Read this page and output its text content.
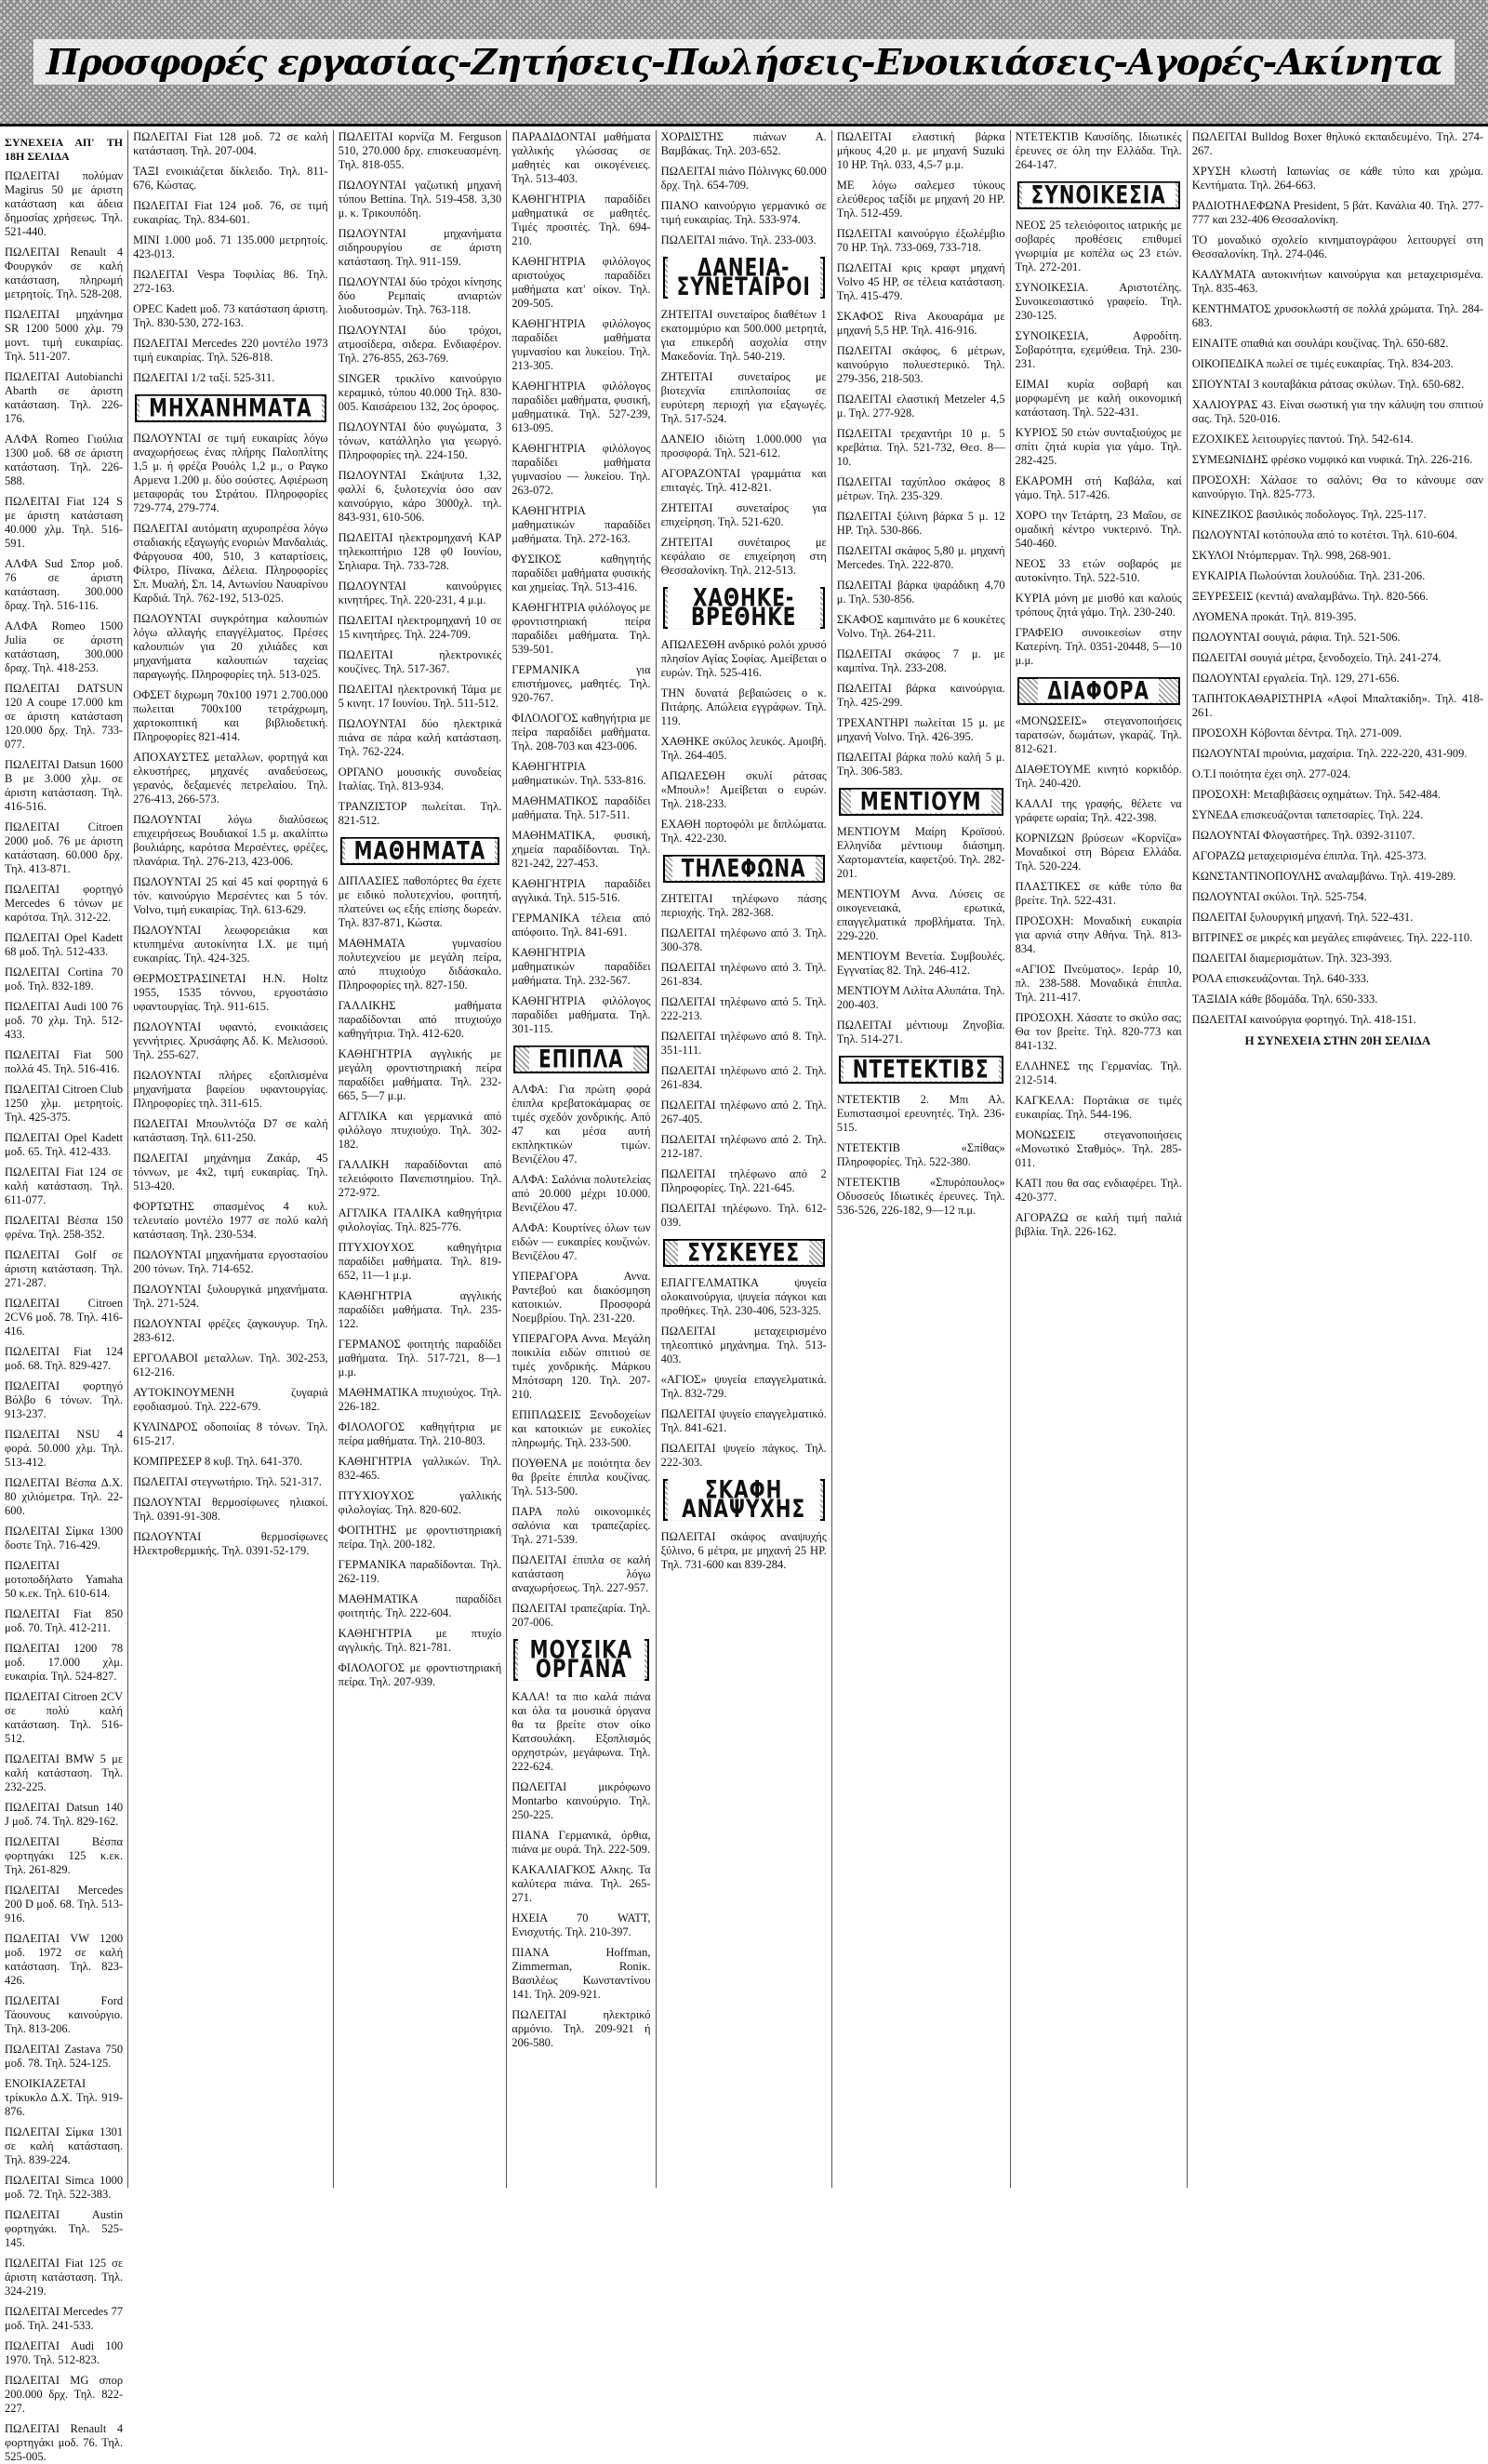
Προσφορές εργασίας-Ζητήσεις-Πωλήσεις-Ενοικιάσεις-Αγορές-Ακίνητα
ΣΥΝΕΧΕΙΑ ΑΠ' ΤΗ 18Η ΣΕΛΙΔΑ

ΠΩΛΕΙΤΑΙ πολύμαν Magirus 50 με άριστη κατάσταση και άδεια δημοσίας χρήσεως. Τηλ. 521-440.

ΠΩΛΕΙΤΑΙ Renault 4 Φουργκόν σε καλή κατάσταση, πληρωμή μετρητοίς. Τηλ. 528-208.

ΠΩΛΕΙΤΑΙ μηχάνημα SR 1200 5000 χλμ. 79 μοντ. τιμή ευκαιρίας. Τηλ. 511-207.

ΠΩΛΕΙΤΑΙ Autobianchi Abarth σε άριστη κατάσταση. Τηλ. 226-176.

ΑΛΦΑ Romeo Γιούλια 1300 μοδ. 68 σε άριστη κατάσταση. Τηλ. 226-588.

ΠΩΛΕΙΤΑΙ Fiat 124 S με άριστη κατάσταση 40.000 χλμ. Τηλ. 516-591.

ΑΛΦΑ Sud Σπορ μοδ. 76 σε άριστη κατάσταση. 300.000 δραχ. Τηλ. 516-116.

ΑΛΦΑ Romeo 1500 Julia σε άριστη κατάσταση, 300.000 δραχ. Τηλ. 418-253.

ΠΩΛΕΙΤΑΙ DATSUN 120 A coupe 17.000 km σε άριστη κατάσταση 120.000 δρχ. Τηλ. 733-077.

ΠΩΛΕΙΤΑΙ Datsun 1600 B με 3.000 χλμ. σε άριστη κατάσταση. Τηλ. 416-516.

ΠΩΛΕΙΤΑΙ Citroen 2000 μοδ. 76 με άριστη κατάσταση. 60.000 δρχ. Τηλ. 413-871.

ΠΩΛΕΙΤΑΙ φορτηγό Mercedes 6 τόνων με καρότσα. Τηλ. 312-22.

ΠΩΛΕΙΤΑΙ Opel Kadett 68 μοδ. Τηλ. 512-433.

ΠΩΛΕΙΤΑΙ Cortina 70 μοδ. Τηλ. 832-189.

ΠΩΛΕΙΤΑΙ Audi 100 76 μοδ. 70 χλμ. Τηλ. 512-433.

ΠΩΛΕΙΤΑΙ Fiat 500 πολλά 45. Τηλ. 516-416.

ΠΩΛΕΙΤΑΙ Citroen Club 1250 χλμ. μετρητοίς. Τηλ. 425-375.

ΠΩΛΕΙΤΑΙ Opel Kadett μοδ. 65. Τηλ. 412-433.

ΠΩΛΕΙΤΑΙ Fiat 124 σε καλή κατάσταση. Τηλ. 611-077.

ΠΩΛΕΙΤΑΙ Βέσπα 150 φρένα. Τηλ. 258-352.

ΠΩΛΕΙΤΑΙ Golf σε άριστη κατάσταση. Τηλ. 271-287.

ΠΩΛΕΙΤΑΙ Citroen 2CV6 μοδ. 78. Τηλ. 416-416.

ΠΩΛΕΙΤΑΙ Fiat 124 μοδ. 68. Τηλ. 829-427.

ΠΩΛΕΙΤΑΙ φορτηγό Βόλβο 6 τόνων. Τηλ. 913-237.

ΠΩΛΕΙΤΑΙ NSU 4 φορά. 50.000 χλμ. Τηλ. 513-412.

ΠΩΛΕΙΤΑΙ Βέσπα Δ.Χ. 80 χιλιόμετρα. Τηλ. 22-600.

ΠΩΛΕΙΤΑΙ Σίμκα 1300 δοστε Τηλ. 716-429.

ΠΩΛΕΙΤΑΙ μοτοποδήλατο Yamaha 50 κ.εκ. Τηλ. 610-614.

ΠΩΛΕΙΤΑΙ Fiat 850 μοδ. 70. Τηλ. 412-211.

ΠΩΛΕΙΤΑΙ 1200 78 μοδ. 17.000 χλμ. ευκαιρία. Τηλ. 524-827.

ΠΩΛΕΙΤΑΙ Citroen 2CV σε πολύ καλή κατάσταση. Τηλ. 516-512.

ΠΩΛΕΙΤΑΙ BMW 5 με καλή κατάσταση. Τηλ. 232-225.

ΠΩΛΕΙΤΑΙ Datsun 140 J μοδ. 74. Τηλ. 829-162.

ΠΩΛΕΙΤΑΙ Βέσπα φορτηγάκι 125 κ.εκ. Τηλ. 261-829.

ΠΩΛΕΙΤΑΙ Mercedes 200 D μοδ. 68. Τηλ. 513-916.

ΠΩΛΕΙΤΑΙ VW 1200 μοδ. 1972 σε καλή κατάσταση. Τηλ. 823-426.

ΠΩΛΕΙΤΑΙ Ford Τάουνους καινούργιο. Τηλ. 813-206.

ΠΩΛΕΙΤΑΙ Zastava 750 μοδ. 78. Τηλ. 524-125.

ΕΝΟΙΚΙΑΖΕΤΑΙ τρίκυκλο Δ.Χ. Τηλ. 919-876.

ΠΩΛΕΙΤΑΙ Σίμκα 1301 σε καλή κατάσταση. Τηλ. 839-224.

ΠΩΛΕΙΤΑΙ Simca 1000 μοδ. 72. Τηλ. 522-383.

ΠΩΛΕΙΤΑΙ Austin φορτηγάκι. Τηλ. 525-145.

ΠΩΛΕΙΤΑΙ Fiat 125 σε άριστη κατάσταση. Τηλ. 324-219.

ΠΩΛΕΙΤΑΙ Mercedes 77 μοδ. Τηλ. 241-533.

ΠΩΛΕΙΤΑΙ Audi 100 1970. Τηλ. 512-823.

ΠΩΛΕΙΤΑΙ MG σπορ 200.000 δρχ. Τηλ. 822-227.

ΠΩΛΕΙΤΑΙ Renault 4 φορτηγάκι μοδ. 76. Τηλ. 525-005.

ΠΩΛΕΙΤΑΙ Fiat 128 μοδ. 72 σε καλή κατάσταση. Τηλ. 207-004.

ΤΑΞΙ ενοικιάζεται δίκλειδο. Τηλ. 811-676, Κώστας.

ΠΩΛΕΙΤΑΙ Fiat 124 μοδ. 76, σε τιμή ευκαιρίας. Τηλ. 834-601.

MINI 1.000 μοδ. 71 135.000 μετρητοίς. 423-013.

ΠΩΛΕΙΤΑΙ Vespa Τοφιλίας 86. Τηλ. 272-163.

OPEC Kadett μοδ. 73 κατάσταση άριστη. Τηλ. 830-530, 272-163.

ΠΩΛΕΙΤΑΙ Mercedes 220 μοντέλο 1973 τιμή ευκαιρίας. Τηλ. 526-818.

ΠΩΛΕΙΤΑΙ 1/2 ταξί. 525-311.

ΜΗΧΑΝΗΜΑΤΑ

ΠΩΛΟΥΝΤΑΙ σε τιμή ευκαιρίας λόγω αναχωρήσεως ένας πλήρης Παλοπλίτης 1,5 μ. ή φρέζα Ρουόλς 1,2 μ., ο Ραγκο Αρμενα 1.200 μ. δύο σούστες. Αφιέρωση μεταφοράς του Στράτου. Πληροφορίες 729-774, 279-774.

ΠΩΛΕΙΤΑΙ αυτόματη αχυροπρέσα λόγω σταδιακής εξαγωγής ενοριών Μανδαλιάς. Φάργουσα 400, 510, 3 καταρτίσεις, Φίλτρο, Πίνακα, Δέλεια. Πληροφορίες Σπ. Μυαλή, Σπ. 14, Αντωνίου Ναυαρίνου Καρδιά. Τηλ. 762-192, 513-025.

ΠΩΛΟΥΝΤΑΙ συγκρότημα καλουπιών λόγω αλλαγής επαγγέλματος. Πρέσες καλουπιών για 20 χιλιάδες και μηχανήματα καλουπιών ταχείας παραγωγής. Πληροφορίες τηλ. 513-025.

ΟΦΣΕΤ διχρωμη 70x100 1971 2.700.000 πωλειται 700x100 τετράχρωμη, χαρτοκοπτική και βιβλιοδετική. Πληροφορίες 821-414.

ΑΠΟΧΑΥΣΤΕΣ μεταλλων, φορτηγά και ελκυστήρες, μηχανές αναδεύσεως, γερανός, δεξαμενές πετρελαίου. Τηλ. 276-413, 266-573.

ΠΩΛΟΥΝΤΑΙ λόγω διαλύσεως επιχειρήσεως Βουδιακοί 1.5 μ. ακαλίπτω βουλιάρης, καρότσα Μερσέντες, φρέζες, πλανάρια. Τηλ. 276-213, 423-006.

ΠΩΛΟΥΝΤΑΙ 25 καί 45 καί φορτηγά 6 τόν. καινούργιο Μερσέντες και 5 τόν. Volvo, τιμή ευκαιρίας. Τηλ. 613-629.

ΠΩΛΟΥΝΤΑΙ λεωφορειάκια και κτυπημένα αυτοκίνητα Ι.Χ. με τιμή ευκαιρίας. Τηλ. 424-325.

ΘΕΡΜΟΣΤΡΑΣΙΝΕΤΑΙ Η.Ν. Ηoltz 1955, 1535 τόννου, εργοστάσιο υφαντουργίας. Τηλ. 911-615.

ΠΩΛΟΥΝΤΑΙ υφαντό, ενοικιάσεις γεννήτριες. Χρυσάφης Αδ. Κ. Μελισσού. Τηλ. 255-627.

ΠΩΛΟΥΝΤΑΙ πλήρες εξοπλισμένα μηχανήματα βαφείου υφαντουργίας. Πληροφορίες τηλ. 311-615.

ΠΩΛΕΙΤΑΙ Μπουλντόζα D7 σε καλή κατάσταση. Τηλ. 611-250.

ΠΩΛΕΙΤΑΙ μηχάνημα Ζακάρ, 45 τόννων, με 4x2, τιμή ευκαιρίας. Τηλ. 513-420.

ΦΟΡΤΩΤΗΣ σπασμένος 4 κυλ. τελευταίο μοντέλο 1977 σε πολύ καλή κατάσταση. Τηλ. 230-534.

ΠΩΛΟΥΝΤΑΙ μηχανήματα εργοστασίου 200 τόνων. Τηλ. 714-652.

ΠΩΛΟΥΝΤΑΙ ξυλουργικά μηχανήματα. Τηλ. 271-524.

ΠΩΛΟΥΝΤΑΙ φρέζες ζαγκουγυρ. Τηλ. 283-612.

ΕΡΓΟΛΑΒΟΙ μεταλλων. Τηλ. 302-253, 612-216.

ΑΥΤΟΚΙΝΟΥΜΕΝΗ ζυγαριά εφοδιασμού. Τηλ. 222-679.

ΚΥΛΙΝΔΡΟΣ οδοποιίας 8 τόνων. Τηλ. 615-217.

ΚΟΜΠΡΕΣΕΡ 8 κυβ. Τηλ. 641-370.

ΠΩΛΕΙΤΑΙ στεγνωτήριο. Τηλ. 521-317.

ΠΩΛΟΥΝΤΑΙ θερμοσίφωνες ηλιακοί. Τηλ. 0391-91-308.

ΠΩΛΟΥΝΤΑΙ θερμοσίφωνες Ηλεκτροθερμικής. Τηλ. 0391-52-179.

ΠΩΛΕΙΤΑΙ κορνίζα Μ. Ferguson 510, 270.000 δρχ. επισκευασμένη. Τηλ. 818-055.

ΠΩΛΟΥΝΤΑΙ γαζωτική μηχανή τύπου Bettina. Τηλ. 519-458. 3,30 μ. κ. Τρικουπόδη.

ΠΩΛΟΥΝΤΑΙ μηχανήματα σιδηρουργίου σε άριστη κατάσταση. Τηλ. 911-159.

ΠΩΛΟΥΝΤΑΙ δύο τρόχοι κίνησης δύο Ρεμπαίς ανιαρτών λιοδυτοσμών. Τηλ. 763-118.

ΠΩΛΟΥΝΤΑΙ δύο τρόχοι, ατμοσίδερα, σιδερα. Ενδιαφέρον. Τηλ. 276-855, 263-769.

SINGER τρικλίνο καινούργιο κεραμικό, τύπου 40.000 Τηλ. 830-005. Καισάρειου 132, 2ος όροφος.

ΠΩΛΟΥΝΤΑΙ δύο φυγώματα, 3 τόνων, κατάλληλο για γεωργό. Πληροφορίες τηλ. 224-150.

ΠΩΛΟΥΝΤΑΙ Σκάψυτα 1,32, φαλλί 6, ξυλοτεχνία όσο σαν καινούργιο, κάρο 3000χλ. τηλ. 843-931, 610-506.

ΠΩΛΕΙΤΑΙ ηλεκτρομηχανή KAP τηλεκοπτήριο 128 φ0 Ιουνίου, Σηλιαρα. Τηλ. 733-728.

ΠΩΛΟΥΝΤΑΙ καινούργιες κινητήρες. Τηλ. 220-231, 4 μ.μ.

ΠΩΛΕΙΤΑΙ ηλεκτρομηχανή 10 σε 15 κινητήρες. Τηλ. 224-709.

ΠΩΛΕΙΤΑΙ ηλεκτρονικές κουζίνες. Τηλ. 517-367.

ΠΩΛΕΙΤΑΙ ηλεκτρονική Τάμα με 5 κινητ. 17 Ιουνίου. Τηλ. 511-512.

ΠΩΛΟΥΝΤΑΙ δύο ηλεκτρικά πιάνα σε πάρα καλή κατάσταση. Τηλ. 762-224.

ΟΡΓΑΝΟ μουσικής συνοδείας Ιταλίας. Τηλ. 813-934.

ΤΡΑΝΖΙΣΤΟΡ πωλείται. Τηλ. 821-512.

ΜΑΘΗΜΑΤΑ

ΔΙΠΛΑΣΙΕΣ παθοπόρτες θα έχετε με ειδικό πολυτεχνίου, φοιτητή, πλατεύνει ως εξής επίσης δωρεάν. Τηλ. 837-871, Κώστα.

ΜΑΘΗΜΑΤΑ γυμνασίου πολυτεχνείου με μεγάλη πείρα, από πτυχιούχο διδάσκαλο. Πληροφορίες τηλ. 827-150.

ΓΑΛΛΙΚΗΣ μαθήματα παραδίδονται από πτυχιούχο καθηγήτρια. Τηλ. 412-620.

ΚΑΘΗΓΗΤΡΙΑ αγγλικής με μεγάλη φροντιστηριακή πείρα παραδίδει μαθήματα. Τηλ. 232-665, 5—7 μ.μ.

ΑΓΓΛΙΚΑ και γερμανικά από φιλόλογο πτυχιούχο. Τηλ. 302-182.

ΓΑΛΛΙΚΗ παραδίδονται από τελειόφοιτο Πανεπιστημίου. Τηλ. 272-972.

ΑΓΓΛΙΚΑ ΙΤΑΛΙΚΑ καθηγήτρια φιλολογίας. Τηλ. 825-776.

ΠΤΥΧΙΟΥΧΟΣ καθηγήτρια παραδίδει μαθήματα. Τηλ. 819-652, 11—1 μ.μ.

ΚΑΘΗΓΗΤΡΙΑ αγγλικής παραδίδει μαθήματα. Τηλ. 235-122.

ΓΕΡΜΑΝΟΣ φοιτητής παραδίδει μαθήματα. Τηλ. 517-721, 8—1 μ.μ.

ΜΑΘΗΜΑΤΙΚΑ πτυχιούχος. Τηλ. 226-182.

ΦΙΛΟΛΟΓΟΣ καθηγήτρια με πείρα μαθήματα. Τηλ. 210-803.

ΚΑΘΗΓΗΤΡΙΑ γαλλικών. Τηλ. 832-465.

ΠΤΥΧΙΟΥΧΟΣ γαλλικής φιλολογίας. Τηλ. 820-602.

ΦΟΙΤΗΤΗΣ με φροντιστηριακή πείρα. Τηλ. 200-182.

ΓΕΡΜΑΝΙΚΑ παραδίδονται. Τηλ. 262-119.

ΜΑΘΗΜΑΤΙΚΑ παραδίδει φοιτητής. Τηλ. 222-604.

ΚΑΘΗΓΗΤΡΙΑ με πτυχίο αγγλικής. Τηλ. 821-781.

ΦΙΛΟΛΟΓΟΣ με φροντιστηριακή πείρα. Τηλ. 207-939.

ΠΑΡΑΔΙΔΟΝΤΑΙ μαθήματα γαλλικής γλώσσας σε μαθητές και οικογένειες. Τηλ. 513-403.

ΚΑΘΗΓΗΤΡΙΑ παραδίδει μαθηματικά σε μαθητές. Τιμές προσιτές. Τηλ. 694-210.

ΚΑΘΗΓΗΤΡΙΑ φιλόλογος αριστούχος παραδίδει μαθήματα κατ' οίκον. Τηλ. 209-505.

ΚΑΘΗΓΗΤΡΙΑ φιλόλογος παραδίδει μαθήματα γυμνασίου και λυκείου. Τηλ. 213-305.

ΚΑΘΗΓΗΤΡΙΑ φιλόλογος παραδίδει μαθήματα, φυσική, μαθηματικά. Τηλ. 527-239, 613-095.

ΚΑΘΗΓΗΤΡΙΑ φιλόλογος παραδίδει μαθήματα γυμνασίου — λυκείου. Τηλ. 263-072.

ΚΑΘΗΓΗΤΡΙΑ μαθηματικών παραδίδει μαθήματα. Τηλ. 272-163.

ΦΥΣΙΚΟΣ καθηγητής παραδίδει μαθήματα φυσικής και χημείας. Τηλ. 513-416.

ΚΑΘΗΓΗΤΡΙΑ φιλόλογος με φροντιστηριακή πείρα παραδίδει μαθήματα. Τηλ. 539-501.

ΓΕΡΜΑΝΙΚΑ για επιστήμονες, μαθητές. Τηλ. 920-767.

ΦΙΛΟΛΟΓΟΣ καθηγήτρια με πείρα παραδίδει μαθήματα. Τηλ. 208-703 και 423-006.

ΚΑΘΗΓΗΤΡΙΑ μαθηματικών. Τηλ. 533-816.

ΜΑΘΗΜΑΤΙΚΟΣ παραδίδει μαθήματα. Τηλ. 517-511.

ΜΑΘΗΜΑΤΙΚΑ, φυσική, χημεία παραδίδονται. Τηλ. 821-242, 227-453.

ΚΑΘΗΓΗΤΡΙΑ παραδίδει αγγλικά. Τηλ. 515-516.

ΓΕΡΜΑΝΙΚΑ τέλεια από απόφοιτο. Τηλ. 841-691.

ΚΑΘΗΓΗΤΡΙΑ μαθηματικών παραδίδει μαθήματα. Τηλ. 232-567.

ΚΑΘΗΓΗΤΡΙΑ φιλόλογος παραδίδει μαθήματα. Τηλ. 301-115.

ΕΠΙΠΛΑ

ΑΛΦΑ: Για πρώτη φορά έπιπλα κρεβατοκάμαρας σε τιμές σχεδόν χονδρικής. Από 47 και μέσα αυτή εκπληκτικών τιμών. Βενιζέλου 47.

ΑΛΦΑ: Σαλόνια πολυτελείας από 20.000 μέχρι 10.000. Βενιζέλου 47.

ΑΛΦΑ: Κουρτίνες όλων των ειδών — ευκαιρίες κουζινών. Βενιζέλου 47.

ΥΠΕΡΑΓΟΡΑ Αννα. Ραντεβού και διακόσμηση κατοικιών. Προσφορά Νοεμβρίου. Τηλ. 231-220.

ΥΠΕΡΑΓΟΡΑ Αννα. Μεγάλη ποικιλία ειδών σπιτιού σε τιμές χονδρικής. Μάρκου Μπότσαρη 120. Τηλ. 207-210.

ΕΠΙΠΛΩΣΕΙΣ Ξενοδοχείων και κατοικιών με ευκολίες πληρωμής. Τηλ. 233-500.

ΠΟΥΘΕΝΑ με ποιότητα δεν θα βρείτε έπιπλα κουζίνας. Τηλ. 513-500.

ΠΑΡΑ πολύ οικονομικές σαλόνια και τραπεζαρίες. Τηλ. 271-539.

ΠΩΛΕΙΤΑΙ έπιπλα σε καλή κατάσταση λόγω αναχωρήσεως. Τηλ. 227-957.

ΠΩΛΕΙΤΑΙ τραπεζαρία. Τηλ. 207-006.

ΜΟΥΣΙΚΑ ΟΡΓΑΝΑ

ΚΑΛΑ! τα πιο καλά πιάνα και όλα τα μουσικά όργανα θα τα βρείτε στον οίκο Κατσουλάκη. Εξοπλισμός ορχηστρών, μεγάφωνα. Τηλ. 222-624.

ΠΩΛΕΙΤΑΙ μικρόφωνο Montarbo καινούργιο. Τηλ. 250-225.

ΠΙΑΝΑ Γερμανικά, όρθια, πιάνα με ουρά. Τηλ. 222-509.

ΚΑΚΑΛΙΑΓΚΟΣ Αλκης. Τα καλύτερα πιάνα. Τηλ. 265-271.

ΗΧΕΙΑ 70 WATT, Ενισχυτής. Τηλ. 210-397.

ΠΙΑΝΑ Hoffman, Zimmerman, Roniκ. Βασιλέως Κωνσταντίνου 141. Τηλ. 209-921.

ΠΩΛΕΙΤΑΙ ηλεκτρικό αρμόνιο. Τηλ. 209-921 ή 206-580.

ΧΟΡΔΙΣΤΗΣ πιάνων Α. Βαμβάκας. Τηλ. 203-652.

ΠΩΛΕΙΤΑΙ πιάνο Πόλινγκς 60.000 δρχ. Τηλ. 654-709.

ΠΙΑΝΟ καινούργιο γερμανικό σε τιμή ευκαιρίας. Τηλ. 533-974.

ΠΩΛΕΙΤΑΙ πιάνο. Τηλ. 233-003.

ΔΑΝΕΙΑ-ΣΥΝΕΤΑΙΡΟΙ

ΖΗΤΕΙΤΑΙ συνεταίρος διαθέτων 1 εκατομμύριο και 500.000 μετρητά, για επικερδή ασχολία στην Μακεδονία. Τηλ. 540-219.

ΖΗΤΕΙΤΑΙ συνεταίρος με βιοτεχνία επιπλοποιίας σε ευρύτερη περιοχή για εξαγωγές. Τηλ. 517-524.

ΔΑΝΕΙΟ ιδιώτη 1.000.000 για προσφορά. Τηλ. 521-612.

ΑΓΟΡΑΖΟΝΤΑΙ γραμμάτια και επιταγές. Τηλ. 412-821.

ΖΗΤΕΙΤΑΙ συνεταίρος για επιχείρηση. Τηλ. 521-620.

ΖΗΤΕΙΤΑΙ συνέταιρος με κεφάλαιο σε επιχείρηση στη Θεσσαλονίκη. Τηλ. 212-513.

ΧΑΘΗΚΕ-ΒΡΕΘΗΚΕ

ΑΠΩΛΕΣΘΗ ανδρικό ρολόι χρυσό πλησίον Αγίας Σοφίας. Αμείβεται ο ευρών. Τηλ. 525-416.

ΤΗΝ δυνατά βεβαιώσεις ο κ. Πιτάρης. Απώλεια εγγράφων. Τηλ. 119.

ΧΑΘΗΚΕ σκύλος λευκός. Αμοιβή. Τηλ. 264-405.

ΑΠΩΛΕΣΘΗ σκυλί ράτσας «Μπουλ»! Αμείβεται ο ευρών. Τηλ. 218-233.

ΕΧΑΘΗ πορτοφόλι με διπλώματα. Τηλ. 422-230.

ΤΗΛΕΦΩΝΑ

ΖΗΤΕΙΤΑΙ τηλέφωνο πάσης περιοχής. Τηλ. 282-368.

ΠΩΛΕΙΤΑΙ τηλέφωνο από 3. Τηλ. 300-378.

ΠΩΛΕΙΤΑΙ τηλέφωνο από 3. Τηλ. 261-834.

ΠΩΛΕΙΤΑΙ τηλέφωνο από 5. Τηλ. 222-213.

ΠΩΛΕΙΤΑΙ τηλέφωνο από 8. Τηλ. 351-111.

ΠΩΛΕΙΤΑΙ τηλέφωνο από 2. Τηλ. 261-834.

ΠΩΛΕΙΤΑΙ τηλέφωνο από 2. Τηλ. 267-405.

ΠΩΛΕΙΤΑΙ τηλέφωνο από 2. Τηλ. 212-187.

ΠΩΛΕΙΤΑΙ τηλέφωνο από 2 Πληροφορίες. Τηλ. 221-645.

ΠΩΛΕΙΤΑΙ τηλέφωνο. Τηλ. 612-039.

ΣΥΣΚΕΥΕΣ

ΕΠΑΓΓΕΛΜΑΤΙΚΑ ψυγεία ολοκαινούργια, ψυγεία πάγκοι και προθήκες. Τηλ. 230-406, 523-325.

ΠΩΛΕΙΤΑΙ μεταχειρισμένο τηλεοπτικό μηχάνημα. Τηλ. 513-403.

«ΑΓΙΟΣ» ψυγεία επαγγελματικά. Τηλ. 832-729.

ΠΩΛΕΙΤΑΙ ψυγείο επαγγελματικό. Τηλ. 841-621.

ΠΩΛΕΙΤΑΙ ψυγείο πάγκος. Τηλ. 222-303.

ΣΚΑΦΗ ΑΝΑΨΥΧΗΣ

ΠΩΛΕΙΤΑΙ σκάφος αναψυχής ξύλινο, 6 μέτρα, με μηχανή 25 HP. Τηλ. 731-600 και 839-284.

ΠΩΛΕΙΤΑΙ ελαστική βάρκα μήκους 4,20 μ. με μηχανή Suzuki 10 HP. Τηλ. 033, 4,5-7 μ.μ.

ΜΕ λόγω σαλεμεσ τύκους ελεύθερος ταξίδι με μηχανή 20 HP. Τηλ. 512-459.

ΠΩΛΕΙΤΑΙ καινούργιο έξωλέμβιο 70 HP. Τηλ. 733-069, 733-718.

ΠΩΛΕΙΤΑΙ κρις κραφτ μηχανή Volvo 45 HP, σε τέλεια κατάσταση. Τηλ. 415-479.

ΣΚΑΦΟΣ Riva Ακουαράμα με μηχανή 5,5 HP. Τηλ. 416-916.

ΠΩΛΕΙΤΑΙ σκάφος, 6 μέτρων, καινούργιο πολυεστερικό. Τηλ. 279-356, 218-503.

ΠΩΛΕΙΤΑΙ ελαστική Metzeler 4,5 μ. Τηλ. 277-928.

ΠΩΛΕΙΤΑΙ τρεχαντήρι 10 μ. 5 κρεβάτια. Τηλ. 521-732, Θεσ. 8—10.

ΠΩΛΕΙΤΑΙ ταχύπλοο σκάφος 8 μέτρων. Τηλ. 235-329.

ΠΩΛΕΙΤΑΙ ξύλινη βάρκα 5 μ. 12 HP. Τηλ. 530-866.

ΠΩΛΕΙΤΑΙ σκάφος 5,80 μ. μηχανή Mercedes. Τηλ. 222-870.

ΠΩΛΕΙΤΑΙ βάρκα ψαράδικη 4,70 μ. Τηλ. 530-856.

ΣΚΑΦΟΣ καμπινάτο με 6 κουκέτες Volvo. Τηλ. 264-211.

ΠΩΛΕΙΤΑΙ σκάφος 7 μ. με καμπίνα. Τηλ. 233-208.

ΠΩΛΕΙΤΑΙ βάρκα καινούργια. Τηλ. 425-299.

ΤΡΕΧΑΝΤΗΡΙ πωλείται 15 μ. με μηχανή Volvo. Τηλ. 426-395.

ΠΩΛΕΙΤΑΙ βάρκα πολύ καλή 5 μ. Τηλ. 306-583.

ΜΕΝΤΙΟΥΜ

ΜΕΝΤΙΟΥΜ Μαίρη Κροϊσού. Ελληνίδα μέντιουμ διάσημη. Χαρτομαντεία, καφετζού. Τηλ. 282-201.

ΜΕΝΤΙΟΥΜ Αννα. Λύσεις σε οικογενειακά, ερωτικά, επαγγελματικά προβλήματα. Τηλ. 229-220.

ΜΕΝΤΙΟΥΜ Βενετία. Συμβουλές. Εγγνατίας 82. Τηλ. 246-412.

ΜΕΝΤΙΟΥΜ Λιλίτα Αλυπάτα. Τηλ. 200-403.

ΠΩΛΕΙΤΑΙ μέντιουμ Ζηνοβία. Τηλ. 514-271.

ΝΤΕΤΕΚΤΙΒΣ

ΝΤΕΤΕΚΤΙΒ 2. Μπι Αλ. Ευπιστασιμοί ερευνητές. Τηλ. 236-515.

ΝΤΕΤΕΚΤΙΒ «Σπίθας» Πληροφορίες. Τηλ. 522-380.

ΝΤΕΤΕΚΤΙΒ «Σπυρόπουλος» Οδυσσεύς Ιδιωτικές έρευνες. Τηλ. 536-526, 226-182, 9—12 π.μ.

ΝΤΕΤΕΚΤΙΒ Καυσίδης. Ιδιωτικές έρευνες σε όλη την Ελλάδα. Τηλ. 264-147.

ΣΥΝΟΙΚΕΣΙΑ

ΝΕΟΣ 25 τελειόφοιτος ιατρικής με σοβαρές προθέσεις επιθυμεί γνωριμία με κοπέλα ως 23 ετών. Τηλ. 272-201.

ΣΥΝΟΙΚΕΣΙΑ. Αριστοτέλης. Συνοικεσιαστικό γραφείο. Τηλ. 230-125.

ΣΥΝΟΙΚΕΣΙΑ, Αφροδίτη. Σοβαρότητα, εχεμύθεια. Τηλ. 230-231.

ΕΙΜΑΙ κυρία σοβαρή και μορφωμένη με καλή οικονομική κατάσταση. Τηλ. 522-431.

ΚΥΡΙΟΣ 50 ετών συνταξιούχος με σπίτι ζητά κυρία για γάμο. Τηλ. 282-425.

ΕΚΑΡΟΜΗ στή Καβάλα, καί γάμο. Τηλ. 517-426.

ΧΟΡΟ την Τετάρτη, 23 Μαΐου, σε ομαδική κέντρο νυκτερινό. Τηλ. 540-460.

ΝΕΟΣ 33 ετών σοβαρός με αυτοκίνητο. Τηλ. 522-510.

ΚΥΡΙΑ μόνη με μισθό και καλούς τρόπους ζητά γάμο. Τηλ. 230-240.

ΓΡΑΦΕΙΟ συνοικεσίων στην Κατερίνη. Τηλ. 0351-20448, 5—10 μ.μ.

ΔΙΑΦΟΡΑ

«ΜΟΝΩΣΕΙΣ» στεγανοποιήσεις ταρατσών, δωμάτων, γκαράζ. Τηλ. 812-621.

ΔΙΑΘΕΤΟΥΜΕ κινητό κορκιδόρ. Τηλ. 240-420.

ΚΑΛΛΙ της γραφής, θέλετε να γράφετε ωραία; Τηλ. 422-398.

ΚΟΡΝΙΖΩΝ βρύσεων «Κορνίζα» Μοναδικοί στη Βόρεια Ελλάδα. Τηλ. 520-224.

ΠΛΑΣΤΙΚΕΣ σε κάθε τύπο θα βρείτε. Τηλ. 522-431.

ΠΡΟΣΟΧΗ: Μοναδική ευκαιρία για αρνιά στην Αθήνα. Τηλ. 813-834.

«ΑΓΙΟΣ Πνεύματος». Ιεράρ 10, πλ. 238-588. Μοναδικά έπιπλα. Τηλ. 211-417.

ΠΡΟΣΟΧΗ. Χάσατε το σκύλο σας; Θα τον βρείτε. Τηλ. 820-773 και 841-132.

ΕΛΛΗΝΕΣ της Γερμανίας. Τηλ. 212-514.

ΚΑΓΚΕΛΑ: Πορτάκια σε τιμές ευκαιρίας. Τηλ. 544-196.

ΜΟΝΩΣΕΙΣ στεγανοποιήσεις «Μονωτικό Σταθμός». Τηλ. 285-011.

ΚΑΤΙ που θα σας ενδιαφέρει. Τηλ. 420-377.

ΑΓΟΡΑΖΩ σε καλή τιμή παλιά βιβλία. Τηλ. 226-162.

ΠΩΛΕΙΤΑΙ Bulldog Boxer θηλυκό εκπαιδευμένο. Τηλ. 274-267.

ΧΡΥΣΗ κλωστή Ιαπωνίας σε κάθε τύπο και χρώμα. Κεντήματα. Τηλ. 264-663.

ΡΑΔΙΟΤΗΛΕΦΩΝΑ President, 5 βάτ. Κανάλια 40. Τηλ. 277-777 και 232-406 Θεσσαλονίκη.

ΤΟ μοναδικό σχολείο κινηματογράφου λειτουργεί στη Θεσσαλονίκη. Τηλ. 274-046.

ΚΑΛΥΜΑΤΑ αυτοκινήτων καινούργια και μεταχειρισμένα. Τηλ. 835-463.

ΚΕΝΤΗΜΑΤΟΣ χρυσοκλωστή σε πολλά χρώματα. Τηλ. 284-683.

ΕΙΝΑΙΤΕ σπαθιά και σουλάρι κουζίνας. Τηλ. 650-682.

ΟΙΚΟΠΕΔΙΚΑ πωλεί σε τιμές ευκαιρίας. Τηλ. 834-203.

ΣΠΟΥΝΤΑΙ 3 κουταβάκια ράτσας σκύλων. Τηλ. 650-682.

ΧΑΛΙΟΥΡΑΣ 43. Είναι σωστική για την κάλυψη του σπιτιού σας. Τηλ. 520-016.

ΕΖΟΧΙΚΕΣ λειτουργίες παντού. Τηλ. 542-614.

ΣΥΜΕΩΝΙΔΗΣ φρέσκο νυμφικό και νυφικά. Τηλ. 226-216.

ΠΡΟΣΟΧΗ: Χάλασε το σαλόνι; Θα το κάνουμε σαν καινούργιο. Τηλ. 825-773.

ΚΙΝΕΖΙΚΟΣ βασιλικός ποδολογος. Τηλ. 225-117.

ΠΩΛΟΥΝΤΑΙ κοτόπουλα από το κοτέτσι. Τηλ. 610-604.

ΣΚΥΛΟΙ Ντόμπερμαν. Τηλ. 998, 268-901.

ΕΥΚΑΙΡΙΑ Πωλούνται λουλούδια. Τηλ. 231-206.

ΞΕΥΡΕΣΕΙΣ (κεντιά) αναλαμβάνω. Τηλ. 820-566.

ΛΥΟΜΕΝΑ προκάτ. Τηλ. 819-395.

ΠΩΛΟΥΝΤΑΙ σουγιά, ράφια. Τηλ. 521-506.

ΠΩΛΕΙΤΑΙ σουγιά μέτρα, ξενοδοχείο. Τηλ. 241-274.

ΠΩΛΟΥΝΤΑΙ εργαλεία. Τηλ. 129, 271-656.

ΤΑΠΗΤΟΚΑΘΑΡΙΣΤΗΡΙΑ «Αφοί Μπαλτακίδη». Τηλ. 418-261.

ΠΡΟΣΟΧΗ Κόβονται δέντρα. Τηλ. 271-009.

ΠΩΛΟΥΝΤΑΙ πιρούνια, μαχαίρια. Τηλ. 222-220, 431-909.

Ο.Τ.Ι ποιότητα έχει σηλ. 277-024.

ΠΡΟΣΟΧΗ: Μεταβιβάσεις οχημάτων. Τηλ. 542-484.

ΣΥΝΕΔΑ επισκευάζονται ταπετσαρίες. Τηλ. 224.

ΠΩΛΟΥΝΤΑΙ Φλογαστήρες. Τηλ. 0392-31107.

ΑΓΟΡΑΖΩ μεταχειρισμένα έπιπλα. Τηλ. 425-373.

ΚΩΝΣΤΑΝΤΙΝΟΠΟΥΛΗΣ αναλαμβάνω. Τηλ. 419-289.

ΠΩΛΟΥΝΤΑΙ σκύλοι. Τηλ. 525-754.

ΠΩΛΕΙΤΑΙ ξυλουργική μηχανή. Τηλ. 522-431.

ΒΙΤΡΙΝΕΣ σε μικρές και μεγάλες επιφάνειες. Τηλ. 222-110.

ΠΩΛΕΙΤΑΙ διαμερισμάτων. Τηλ. 323-393.

ΡΟΛΑ επισκευάζονται. Τηλ. 640-333.

ΤΑΞΙΔΙΑ κάθε βδομάδα. Τηλ. 650-333.

ΠΩΛΕΙΤΑΙ καινούργια φορτηγό. Τηλ. 418-151.

Η ΣΥΝΕΧΕΙΑ ΣΤΗΝ 20Η ΣΕΛΙΔΑ
